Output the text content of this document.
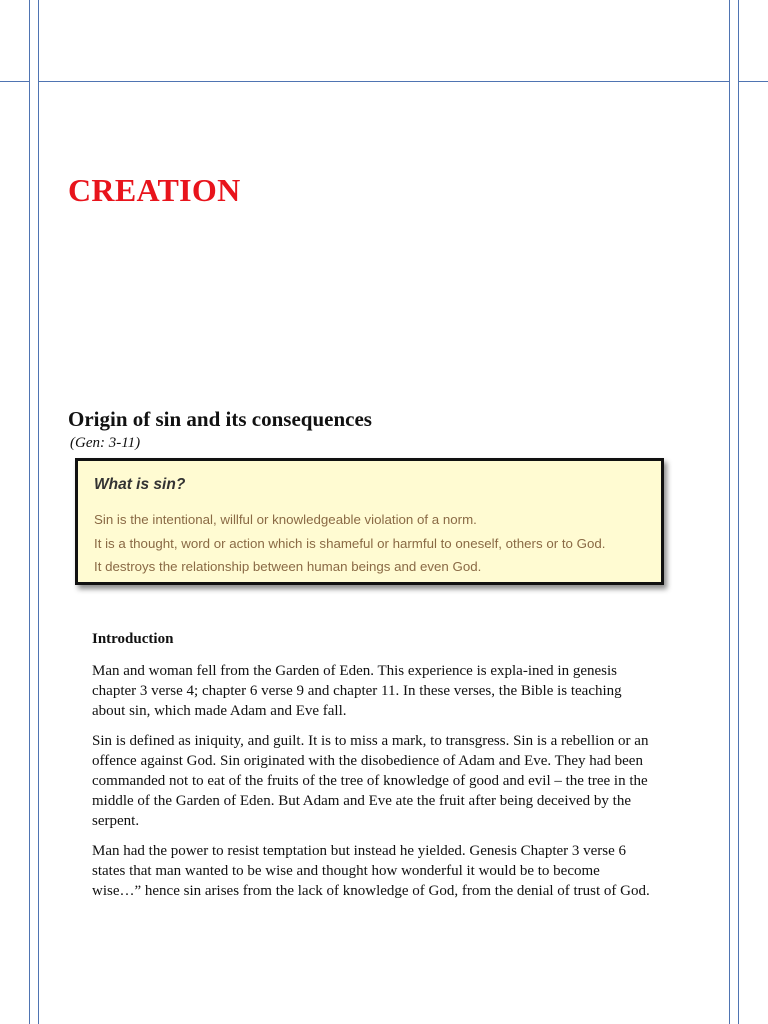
CREATION
Origin of sin and its consequences
(Gen: 3-11)
What is sin?
Sin is the intentional, willful or knowledgeable violation of a norm.
It is a thought, word or action which is shameful or harmful to oneself, others or to God.
It destroys the relationship between human beings and even God.
Introduction

Man and woman fell from the Garden of Eden. This experience is expla-ined in genesis chapter 3 verse 4; chapter 6 verse 9 and chapter 11. In these verses, the Bible is teaching about sin, which made Adam and Eve fall.

Sin is defined as iniquity, and guilt. It is to miss a mark, to transgress. Sin is a rebellion or an offence against God. Sin originated with the disobedience of Adam and Eve. They had been commanded not to eat of the fruits of the tree of knowledge of good and evil – the tree in the middle of the Garden of Eden. But Adam and Eve ate the fruit after being deceived by the serpent.

Man had the power to resist temptation but instead he yielded. Genesis Chapter 3 verse 6 states that man wanted to be wise and thought how wonderful it would be to become wise…” hence sin arises from the lack of knowledge of God, from the denial of trust of God.
